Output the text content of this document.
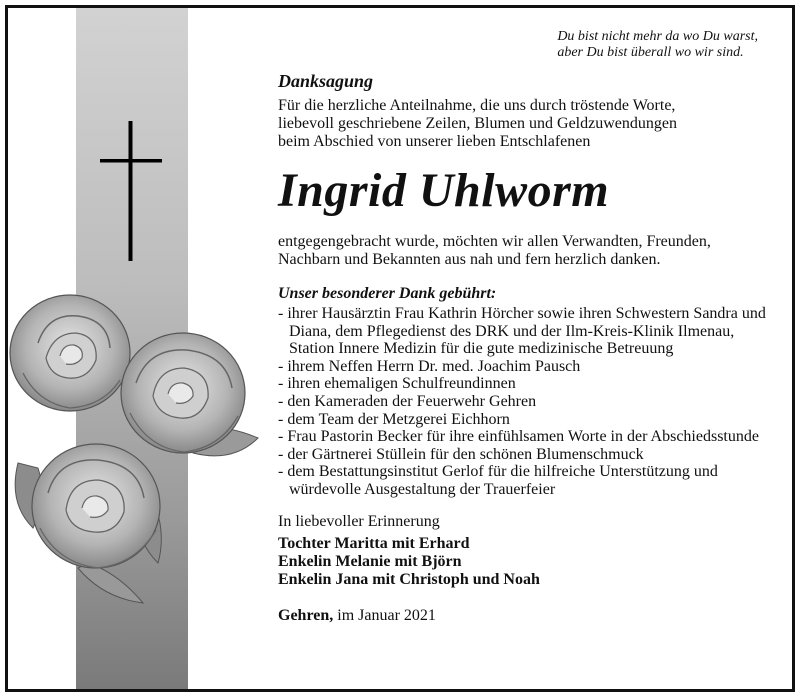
Du bist nicht mehr da wo Du warst,
aber Du bist überall wo wir sind.
Danksagung

Für die herzliche Anteilnahme, die uns durch tröstende Worte,

liebevoll geschriebene Zeilen, Blumen und Geldzuwendungen

beim Abschied von unserer lieben Entschlafenen

Ingrid Uhlworm

entgegengebracht wurde, möchten wir allen Verwandten, Freunden,

Nachbarn und Bekannten aus nah und fern herzlich danken.

Unser besonderer Dank gebührt:
- ihrer Hausärztin Frau Kathrin Hörcher sowie ihren Schwestern Sandra und Diana, dem Pflegedienst des DRK und der Ilm-Kreis-Klinik Ilmenau, Station Innere Medizin für die gute medizinische Betreuung
- ihrem Neffen Herrn Dr. med. Joachim Pausch
- ihren ehemaligen Schulfreundinnen
- den Kameraden der Feuerwehr Gehren
- dem Team der Metzgerei Eichhorn
- Frau Pastorin Becker für ihre einfühlsamen Worte in der Abschiedsstunde
- der Gärtnerei Stüllein für den schönen Blumenschmuck
- dem Bestattungsinstitut Gerlof für die hilfreiche Unterstützung und würdevolle Ausgestaltung der Trauerfeier
In liebevoller Erinnerung

Tochter Maritta mit Erhard

Enkelin Melanie mit Björn

Enkelin Jana mit Christoph und Noah

Gehren, im Januar 2021
